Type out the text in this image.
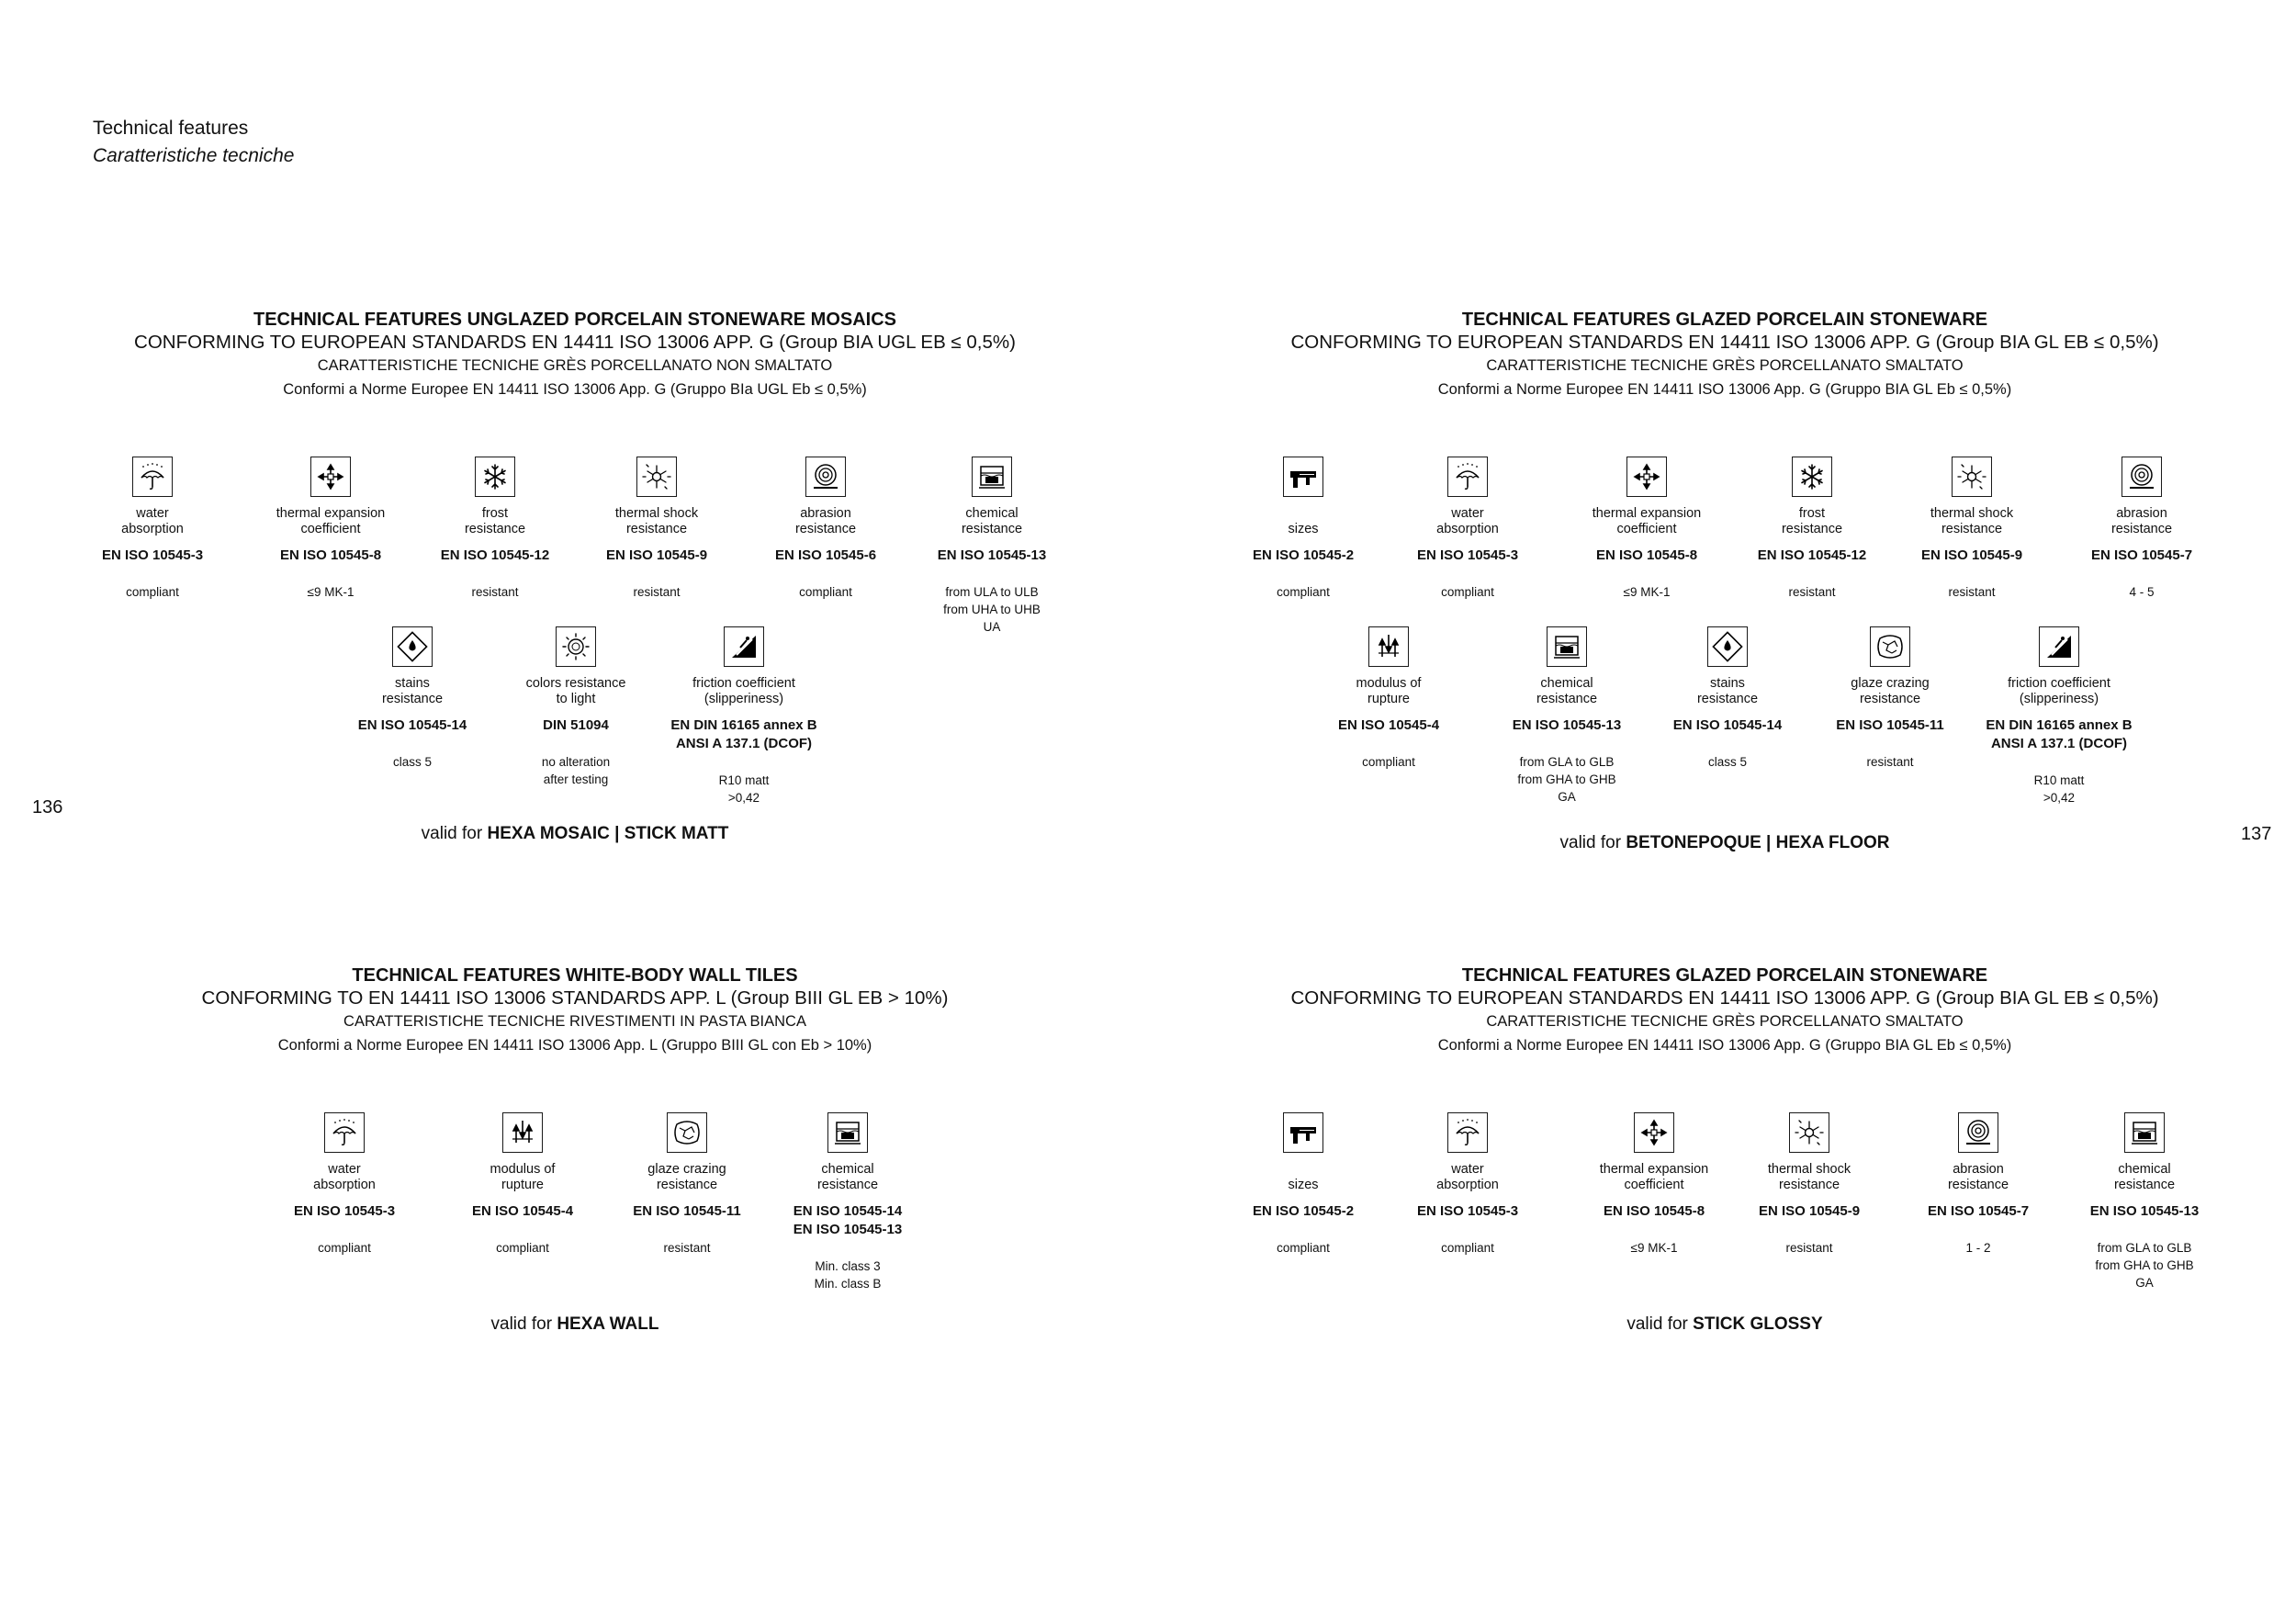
Technical features
Caratteristiche tecniche
136
137
TECHNICAL FEATURES UNGLAZED PORCELAIN STONEWARE MOSAICS
CONFORMING TO EUROPEAN STANDARDS EN 14411 ISO 13006 APP. G (Group BIA UGL EB ≤ 0,5%)
CARATTERISTICHE TECNICHE GRÈS PORCELLANATO NON SMALTATO
Conformi a Norme Europee EN 14411 ISO 13006 App. G (Gruppo BIa UGL Eb ≤ 0,5%)
water
absorption
EN ISO 10545-3
compliant
thermal expansion
coefficient
EN ISO 10545-8
≤9 MK-1
frost
resistance
EN ISO 10545-12
resistant
thermal shock
resistance
EN ISO 10545-9
resistant
abrasion
resistance
EN ISO 10545-6
compliant
chemical
resistance
EN ISO 10545-13
from ULA to ULB
from UHA to UHB
UA
stains
resistance
EN ISO 10545-14
class 5
colors resistance
to light
DIN 51094
no alteration
after testing
friction coefficient
(slipperiness)
EN DIN 16165 annex B
ANSI A 137.1 (DCOF)
R10 matt
>0,42
valid for HEXA MOSAIC | STICK MATT
TECHNICAL FEATURES GLAZED PORCELAIN STONEWARE
CONFORMING TO EUROPEAN STANDARDS EN 14411 ISO 13006 APP. G (Group BIA GL EB ≤ 0,5%)
CARATTERISTICHE TECNICHE GRÈS PORCELLANATO SMALTATO
Conformi a Norme Europee EN 14411 ISO 13006 App. G (Gruppo BIA GL Eb ≤ 0,5%)
sizes
EN ISO 10545-2
compliant
water
absorption
EN ISO 10545-3
compliant
thermal expansion
coefficient
EN ISO 10545-8
≤9 MK-1
frost
resistance
EN ISO 10545-12
resistant
thermal shock
resistance
EN ISO 10545-9
resistant
abrasion
resistance
EN ISO 10545-7
4 - 5
modulus of
rupture
EN ISO 10545-4
compliant
chemical
resistance
EN ISO 10545-13
from GLA to GLB
from GHA to GHB
GA
stains
resistance
EN ISO 10545-14
class 5
glaze crazing
resistance
EN ISO 10545-11
resistant
friction coefficient
(slipperiness)
EN DIN 16165 annex B
ANSI A 137.1 (DCOF)
R10 matt
>0,42
valid for BETONEPOQUE | HEXA FLOOR
TECHNICAL FEATURES WHITE-BODY WALL TILES
CONFORMING TO EN 14411 ISO 13006 STANDARDS APP. L (Group BIII GL EB > 10%)
CARATTERISTICHE TECNICHE RIVESTIMENTI IN PASTA BIANCA
Conformi a Norme Europee EN 14411 ISO 13006 App. L (Gruppo BIII GL con Eb > 10%)
water
absorption
EN ISO 10545-3
compliant
modulus of
rupture
EN ISO 10545-4
compliant
glaze crazing
resistance
EN ISO 10545-11
resistant
chemical
resistance
EN ISO 10545-14
EN ISO 10545-13
Min. class 3
Min. class B
valid for HEXA WALL
TECHNICAL FEATURES GLAZED PORCELAIN STONEWARE
CONFORMING TO EUROPEAN STANDARDS EN 14411 ISO 13006 APP. G (Group BIA GL EB ≤ 0,5%)
CARATTERISTICHE TECNICHE GRÈS PORCELLANATO SMALTATO
Conformi a Norme Europee EN 14411 ISO 13006 App. G (Gruppo BIA GL Eb ≤ 0,5%)
sizes
EN ISO 10545-2
compliant
water
absorption
EN ISO 10545-3
compliant
thermal expansion
coefficient
EN ISO 10545-8
≤9 MK-1
thermal shock
resistance
EN ISO 10545-9
resistant
abrasion
resistance
EN ISO 10545-7
1 - 2
chemical
resistance
EN ISO 10545-13
from GLA to GLB
from GHA to GHB
GA
valid for STICK GLOSSY
